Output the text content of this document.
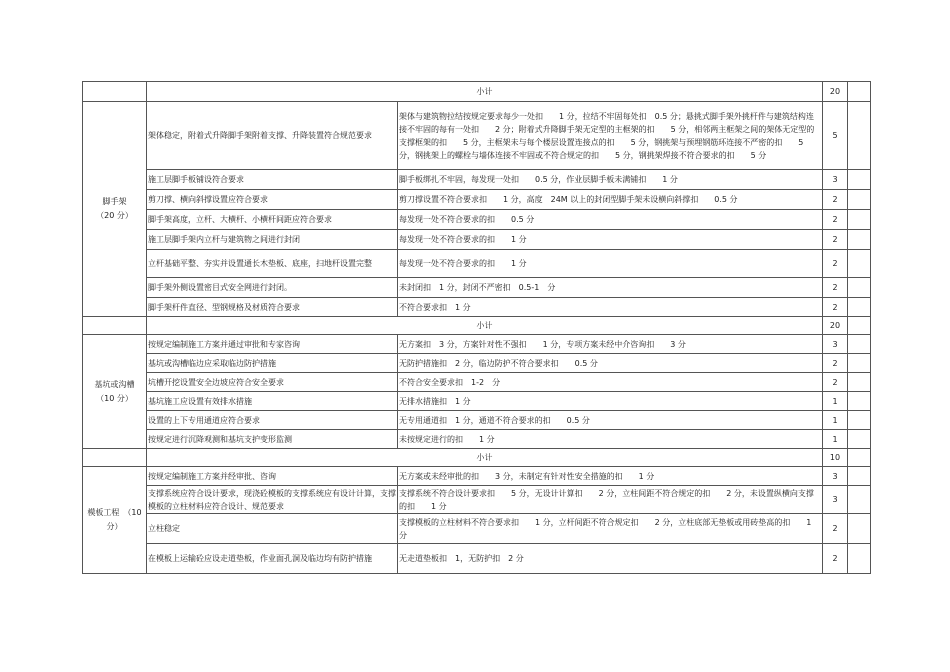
	小计		20	

脚手架
（20 分）	架体稳定，附着式升降脚手架附着支撑、升降装置符合规范要求	架体与建筑物拉结按规定要求每少一处扣　　1 分，拉结不牢固每处扣　0.5 分；悬挑式脚手架外挑杆件与建筑结构连接不牢固的每有一处扣　　2 分；附着式升降脚手架无定型的主框架的扣　　5 分，相邻两主框架之间的架体无定型的支撑框架的扣　　5 分，主框架未与每个楼层设置连接点的扣　　5 分，钢挑架与预埋钢筋环连接不严密的扣　　5 分，钢挑架上的螺栓与墙体连接不牢固或不符合规定的扣　　5 分，钢挑架焊接不符合要求的扣　　5 分	5	
	施工层脚手板铺设符合要求	脚手板绑扎不牢固，每发现一处扣　　0.5 分，作业层脚手板未满铺扣　　1 分	3	
	剪刀撑、横向斜撑设置应符合要求	剪刀撑设置不符合要求扣　　1 分，高度　24M 以上的封闭型脚手架未设横向斜撑扣　　0.5 分	2	
	脚手架高度，立杆、大横杆、小横杆间距应符合要求	每发现一处不符合要求的扣　　0.5 分	2	
	施工层脚手架内立杆与建筑物之间进行封闭	每发现一处不符合要求的扣　　1 分	2	
	立杆基础平整、夯实并设置通长木垫板、底座，扫地杆设置完整	每发现一处不符合要求的扣　　1 分	2	
	脚手架外侧设置密目式安全网进行封闭。	未封闭扣　1 分，封闭不严密扣　0.5-1　分	2	
	脚手架杆件直径、型钢规格及材质符合要求	不符合要求扣　1 分	2	
	小计		20	

基坑或沟槽
（10 分）	按规定编制施工方案并通过审批和专家咨询	无方案扣　3 分，方案针对性不强扣　　1 分，专项方案未经中介咨询扣　　3 分	3	
	基坑或沟槽临边应采取临边防护措施	无防护措施扣　2 分，临边防护不符合要求扣　　0.5 分	2	
	坑槽开挖设置安全边坡应符合安全要求	不符合安全要求扣　1-2　分	2	
	基坑施工应设置有效排水措施	无排水措施扣　1 分	1	
	设置的上下专用通道应符合要求	无专用通道扣　1 分，通道不符合要求的扣　　0.5 分	1	
	按规定进行沉降观测和基坑支护变形监测	未按规定进行的扣　　1 分	1	
	小计		10	

模板工程　（10
分）	按规定编制施工方案并经审批、咨询	无方案或未经审批的扣　　3 分，未制定有针对性安全措施的扣　　1 分	3	
	支撑系统应符合设计要求，现浇砼模板的支撑系统应有设计计算，支撑模板的立柱材料应符合设计、规范要求	支撑系统不符合设计要求扣　　5 分，无设计计算扣　　2 分，立柱间距不符合规定的扣　　2 分，未设置纵横向支撑的扣　　1 分	3	
	立柱稳定	支撑模板的立柱材料不符合要求扣　　1 分，立杆间距不符合规定扣　　2 分，立柱底部无垫板或用砖垫高的扣　　1 分	2	
	在模板上运输砼应设走道垫板，作业面孔洞及临边均有防护措施	无走道垫板扣　1，无防护扣　2 分	2	
